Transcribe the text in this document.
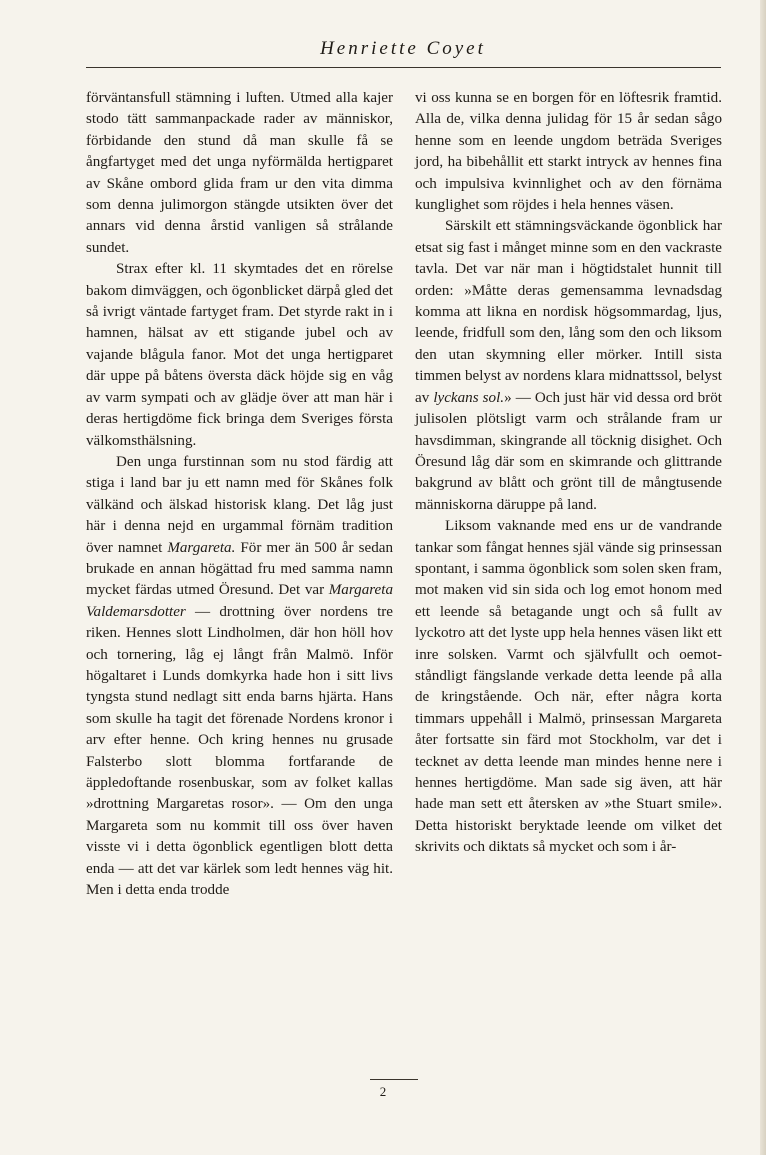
Henriette Coyet

förväntansfull stämning i luften. Utmed alla kajer stodo tätt sammanpackade rader av människor, förbidande den stund då man skulle få se ångfartyget med det unga nyförmälda hertigparet av Skåne ombord glida fram ur den vita dimma som denna julimorgon stängde utsikten över det annars vid denna årstid vanligen så strålande sundet.

Strax efter kl. 11 skymtades det en rörelse bakom dimväggen, och ögonblicket därpå gled det så ivrigt väntade fartyget fram. Det styrde rakt in i hamnen, hälsat av ett stigande jubel och av vajande blågula fanor. Mot det unga hertigparet där uppe på båtens översta däck höjde sig en våg av varm sympati och av glädje över att man här i deras hertigdöme fick bringa dem Sveriges första välkomsthälsning.

Den unga furstinnan som nu stod färdig att stiga i land bar ju ett namn med för Skånes folk välkänd och älskad historisk klang. Det låg just här i denna nejd en urgammal förnäm tradition över namnet Margareta. För mer än 500 år sedan brukade en annan högättad fru med samma namn mycket färdas utmed Öresund. Det var Margareta Valdemarsdotter — drottning över nordens tre riken. Hennes slott Lindholmen, där hon höll hov och tornering, låg ej långt från Malmö. Inför högaltaret i Lunds domkyrka hade hon i sitt livs tyngsta stund nedlagt sitt enda barns hjärta. Hans som skulle ha tagit det förenade Nordens kronor i arv efter henne. Och kring hennes nu grusade Falsterbo slott blomma fortfarande de äppledoftande rosenbuskar, som av folket kallas »drottning Margaretas rosor». — Om den unga Margareta som nu kommit till oss över haven visste vi i detta ögonblick egentligen blott detta enda — att det var kärlek som ledt hennes väg hit. Men i detta enda trodde

vi oss kunna se en borgen för en löftesrik framtid. Alla de, vilka denna julidag för 15 år sedan sågo henne som en leende ungdom beträda Sveriges jord, ha bibehållit ett starkt intryck av hennes fina och impulsiva kvinnlighet och av den förnäma kunglighet som röjdes i hela hennes väsen.

Särskilt ett stämningsväckande ögonblick har etsat sig fast i månget minne som en den vackraste tavla. Det var när man i högtidstalet hunnit till orden: »Måtte deras gemensamma levnadsdag komma att likna en nordisk högsommardag, ljus, leende, fridfull som den, lång som den och liksom den utan skymning eller mörker. Intill sista timmen belyst av nordens klara midnattssol, belyst av lyckans sol.» — Och just här vid dessa ord bröt julisolen plötsligt varm och strålande fram ur havsdimman, skingrande all töcknig disighet. Och Öresund låg där som en skimrande och glittrande bakgrund av blått och grönt till de mångtusende människorna däruppe på land.

Liksom vaknande med ens ur de vandrande tankar som fångat hennes själ vände sig prinsessan spontant, i samma ögonblick som solen sken fram, mot maken vid sin sida och log emot honom med ett leende så betagande ungt och så fullt av lyckotro att det lyste upp hela hennes väsen likt ett inre solsken. Varmt och självfullt och oemotståndligt fängslande verkade detta leende på alla de kringstående. Och när, efter några korta timmars uppehåll i Malmö, prinsessan Margareta åter fortsatte sin färd mot Stockholm, var det i tecknet av detta leende man mindes henne nere i hennes hertigdöme. Man sade sig även, att här hade man sett ett återsken av »the Stuart smile». Detta historiskt beryktade leende om vilket det skrivits och diktats så mycket och som i år-

2
